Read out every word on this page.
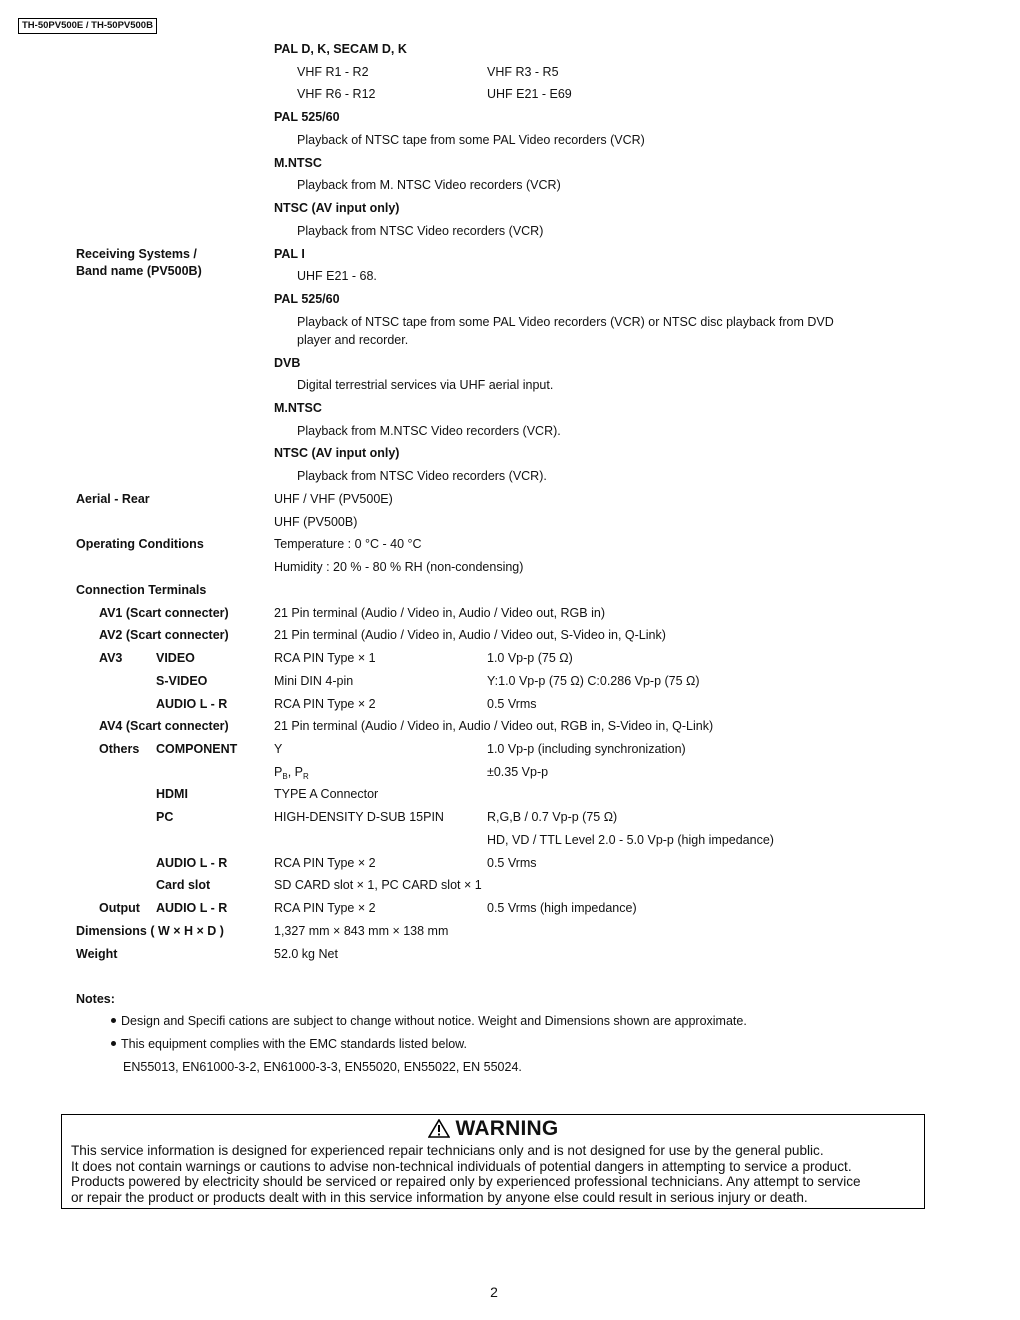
TH-50PV500E / TH-50PV500B
PAL D, K, SECAM D, K
VHF R1 - R2	VHF R3 - R5
VHF R6 - R12	UHF E21 - E69
PAL 525/60
Playback of NTSC tape from some PAL Video recorders (VCR)
M.NTSC
Playback from M. NTSC Video recorders (VCR)
NTSC (AV input only)
Playback from NTSC Video recorders (VCR)
Receiving Systems /
Band name (PV500B)
PAL I
UHF E21 - 68.
PAL 525/60
Playback of NTSC tape from some PAL Video recorders (VCR) or NTSC disc playback from DVD
player and recorder.
DVB
Digital terrestrial services via UHF aerial input.
M.NTSC
Playback from M.NTSC Video recorders (VCR).
NTSC (AV input only)
Playback from NTSC Video recorders (VCR).
Aerial - Rear	UHF / VHF (PV500E)
UHF (PV500B)
Operating Conditions	Temperature : 0 °C - 40 °C
Humidity : 20 % - 80 % RH (non-condensing)
Connection Terminals
AV1 (Scart connecter)	21 Pin terminal (Audio / Video in, Audio / Video out, RGB in)
AV2 (Scart connecter)	21 Pin terminal (Audio / Video in, Audio / Video out, S-Video in, Q-Link)
AV3	VIDEO	RCA PIN Type × 1	1.0 Vp-p (75 Ω)
S-VIDEO	Mini DIN 4-pin	Y:1.0 Vp-p (75 Ω) C:0.286 Vp-p (75 Ω)
AUDIO L - R	RCA PIN Type × 2	0.5 Vrms
AV4 (Scart connecter)	21 Pin terminal (Audio / Video in, Audio / Video out, RGB in, S-Video in, Q-Link)
Others COMPONENT	Y	1.0 Vp-p (including synchronization)
$P_B$, $P_R$	±0.35 Vp-p
HDMI	TYPE A Connector
PC	HIGH-DENSITY D-SUB 15PIN	R,G,B / 0.7 Vp-p (75 Ω)
HD, VD / TTL Level 2.0 - 5.0 Vp-p (high impedance)
AUDIO L - R	RCA PIN Type × 2	0.5 Vrms
Card slot	SD CARD slot × 1, PC CARD slot × 1
Output AUDIO L - R	RCA PIN Type × 2	0.5 Vrms (high impedance)
Dimensions ( W × H × D )	1,327 mm × 843 mm × 138 mm
Weight	52.0 kg Net
Notes:
Design and Specifi cations are subject to change without notice. Weight and Dimensions shown are approximate.
This equipment complies with the EMC standards listed below.
EN55013, EN61000-3-2, EN61000-3-3, EN55020, EN55022, EN 55024.
WARNING
This service information is designed for experienced repair technicians only and is not designed for use by the general public.
It does not contain warnings or cautions to advise non-technical individuals of potential dangers in attempting to service a product.
Products powered by electricity should be serviced or repaired only by experienced professional technicians. Any attempt to service
or repair the product or products dealt with in this service information by anyone else could result in serious injury or death.
2
